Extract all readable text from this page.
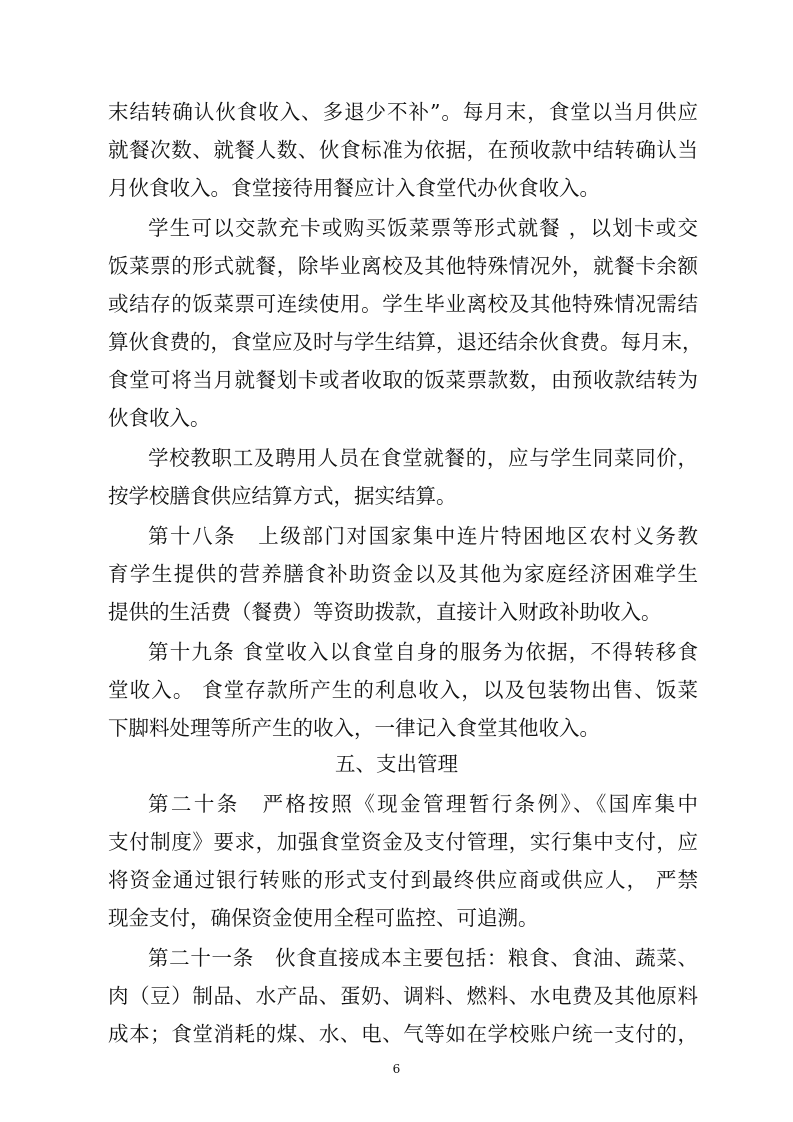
末结转确认伙食收入、多退少不补”。每月末，食堂以当月供应
就餐次数、就餐人数、伙食标准为依据，在预收款中结转确认当
月伙食收入。食堂接待用餐应计入食堂代办伙食收入。
学生可以交款充卡或购买饭菜票等形式就餐 ，以划卡或交
饭菜票的形式就餐，除毕业离校及其他特殊情况外，就餐卡余额
或结存的饭菜票可连续使用。学生毕业离校及其他特殊情况需结
算伙食费的，食堂应及时与学生结算，退还结余伙食费。每月末，
食堂可将当月就餐划卡或者收取的饭菜票款数，由预收款结转为
伙食收入。
学校教职工及聘用人员在食堂就餐的，应与学生同菜同价，
按学校膳食供应结算方式，据实结算。
第十八条　上级部门对国家集中连片特困地区农村义务教
育学生提供的营养膳食补助资金以及其他为家庭经济困难学生
提供的生活费（餐费）等资助拨款，直接计入财政补助收入。
第十九条 食堂收入以食堂自身的服务为依据，不得转移食
堂收入。 食堂存款所产生的利息收入，以及包装物出售、饭菜
下脚料处理等所产生的收入，一律记入食堂其他收入。
五、支出管理
第二十条　严格按照《现金管理暂行条例》、《国库集中
支付制度》要求，加强食堂资金及支付管理，实行集中支付，应
将资金通过银行转账的形式支付到最终供应商或供应人， 严禁
现金支付，确保资金使用全程可监控、可追溯。
第二十一条　伙食直接成本主要包括：粮食、食油、蔬菜、
肉（豆）制品、水产品、蛋奶、调料、燃料、水电费及其他原料
成本；食堂消耗的煤、水、电、气等如在学校账户统一支付的，
6
